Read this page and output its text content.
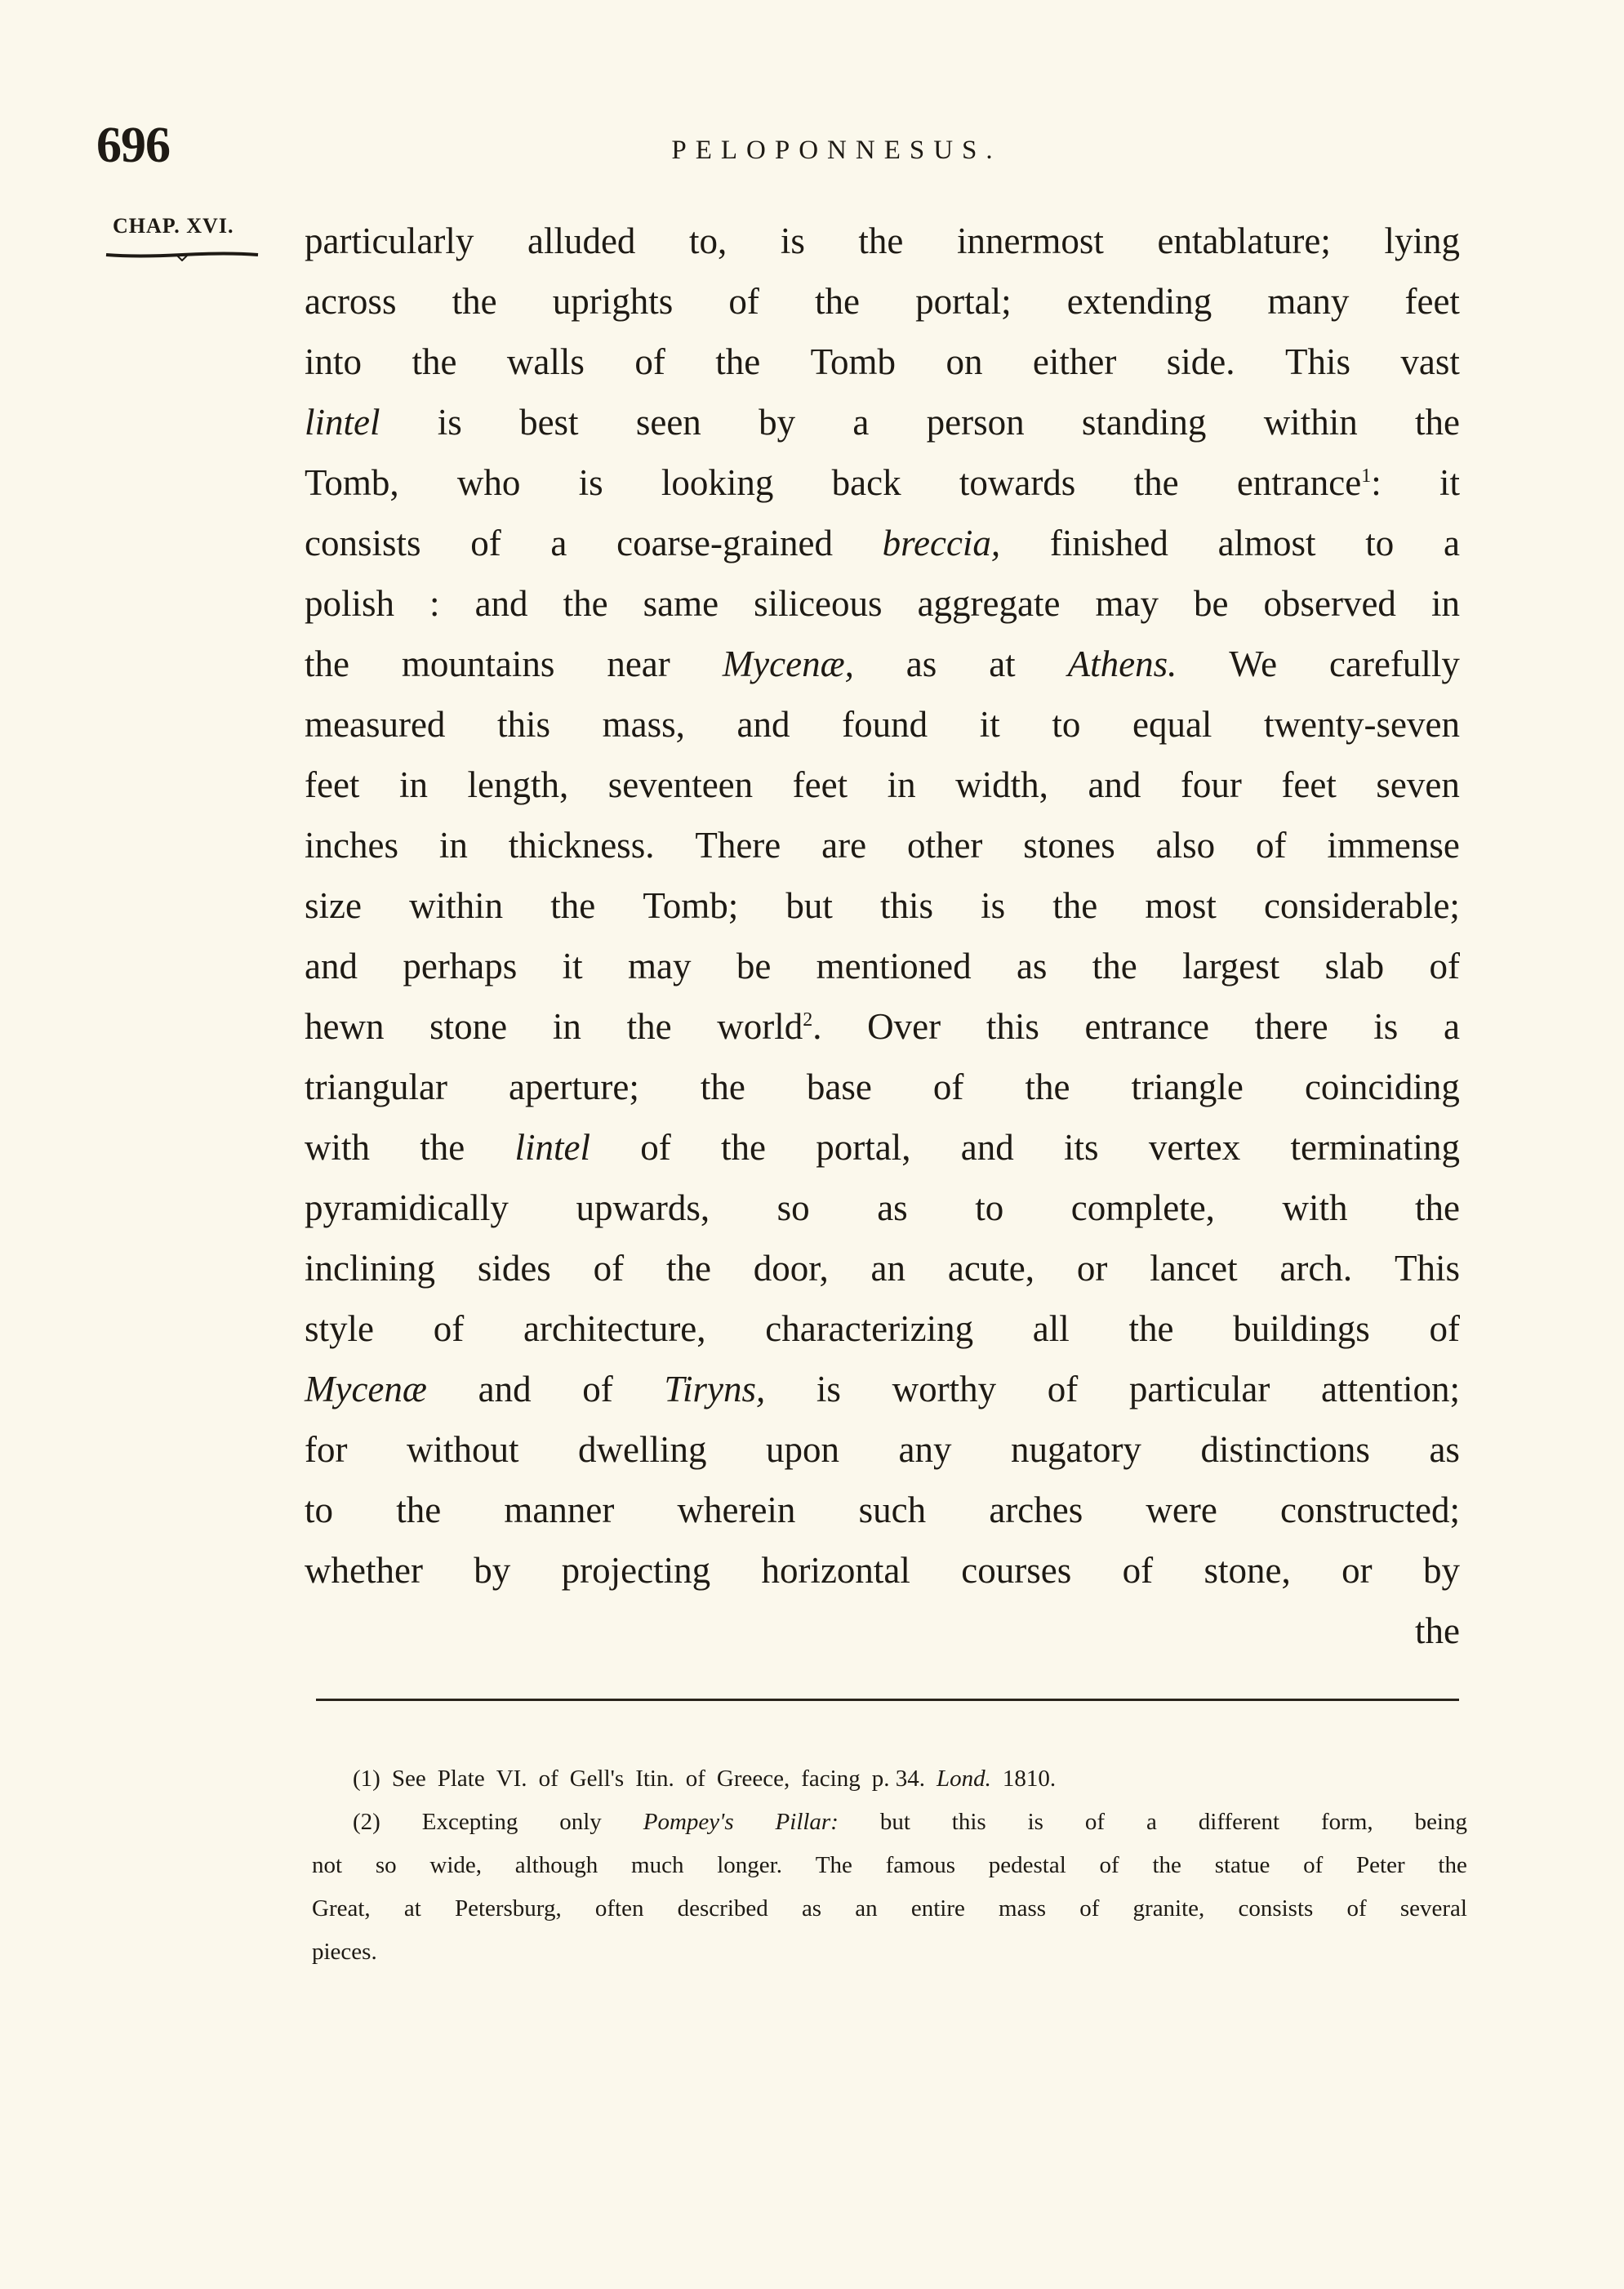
696	PELOPONNESUS.
CHAP. XVI. particularly alluded to, is the innermost entablature; lying
across the uprights of the portal; extending many feet
into the walls of the Tomb on either side. This vast
lintel is best seen by a person standing within the
Tomb, who is looking back towards the entrance1: it
consists of a coarse-grained breccia, finished almost to a
polish : and the same siliceous aggregate may be observed in
the mountains near Mycenæ, as at Athens. We carefully
measured this mass, and found it to equal twenty-seven
feet in length, seventeen feet in width, and four feet seven
inches in thickness. There are other stones also of immense
size within the Tomb; but this is the most considerable;
and perhaps it may be mentioned as the largest slab of
hewn stone in the world2. Over this entrance there is a
triangular aperture; the base of the triangle coinciding
with the lintel of the portal, and its vertex terminating
pyramidically upwards, so as to complete, with the
inclining sides of the door, an acute, or lancet arch. This
style of architecture, characterizing all the buildings of
Mycenæ and of Tiryns, is worthy of particular attention;
for without dwelling upon any nugatory distinctions as
to the manner wherein such arches were constructed;
whether by projecting horizontal courses of stone, or by
the
(1) See Plate VI. of Gell's Itin. of Greece, facing p. 34. Lond. 1810.
(2) Excepting only Pompey's Pillar: but this is of a different form, being
not so wide, although much longer. The famous pedestal of the statue of Peter the
Great, at Petersburg, often described as an entire mass of granite, consists of several
pieces.
